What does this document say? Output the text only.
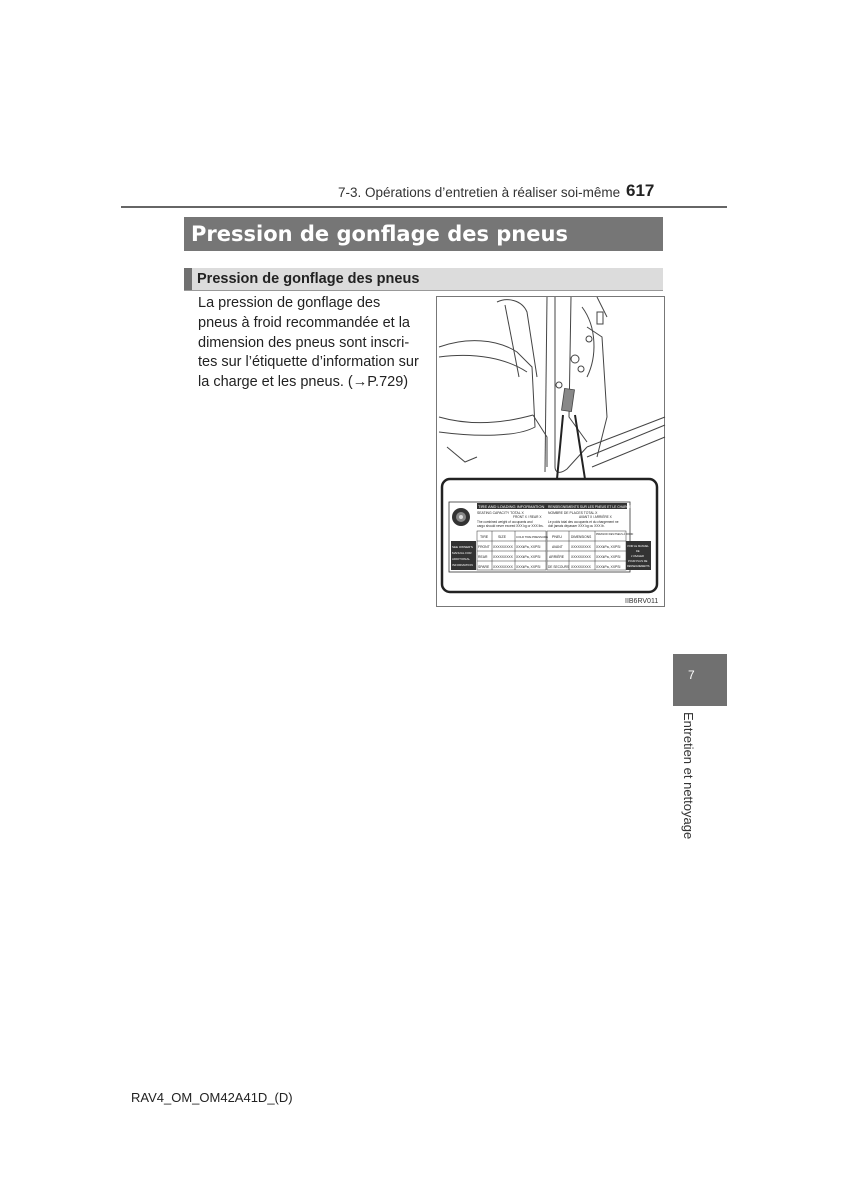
7-3. Opérations d’entretien à réaliser soi-même 617
Pression de gonflage des pneus
Pression de gonflage des pneus

La pression de gonflage des

pneus à froid recommandée et la

dimension des pneus sont inscri-

tes sur l’étiquette d’information sur

la charge et les pneus. (→P.729)

TIRE AND LOADING INFORMATION RENSEIGNEMENTS SUR LES PNEUS ET LE CHARGEMENT
SEATING CAPACITY TOTAL X
FRONT X / REAR X
The combined weight of occupants and
cargo should never exceed XXX kg or XXX lbs.
NOMBRE DE PLACES TOTAL X
AVANT X / ARRIÈRE X
Le poids total des occupants et du chargement ne
doit jamais dépasser XXX kg ou XXX lb.
TIRE	SIZE	COLD TIRE PRESSURE
FRONT XXXXXXXXX XXXkPa, XXPSI
REAR XXXXXXXXX XXXkPa, XXPSI
SPARE XXXXXXXXX XXXkPa, XXPSI
PNEU	DIMENSIONS
PRESSION DES PNEUS À FROID
AVANT XXXXXXXXX XXXkPa, XXPSI
ARRIÈRE XXXXXXXXX XXXkPa, XXPSI
DE SECOURS XXXXXXXXX XXXkPa, XXPSI
SEE OWNER'S
MANUAL FOR
ADDITIONAL
INFORMATION
VOIR LE MANUEL
DE
L'USAGER
POUR PLUS DE
RENSEIGNEMENTS
IIB6RV011
7
Entretien et nettoyage
RAV4_OM_OM42A41D_(D)
